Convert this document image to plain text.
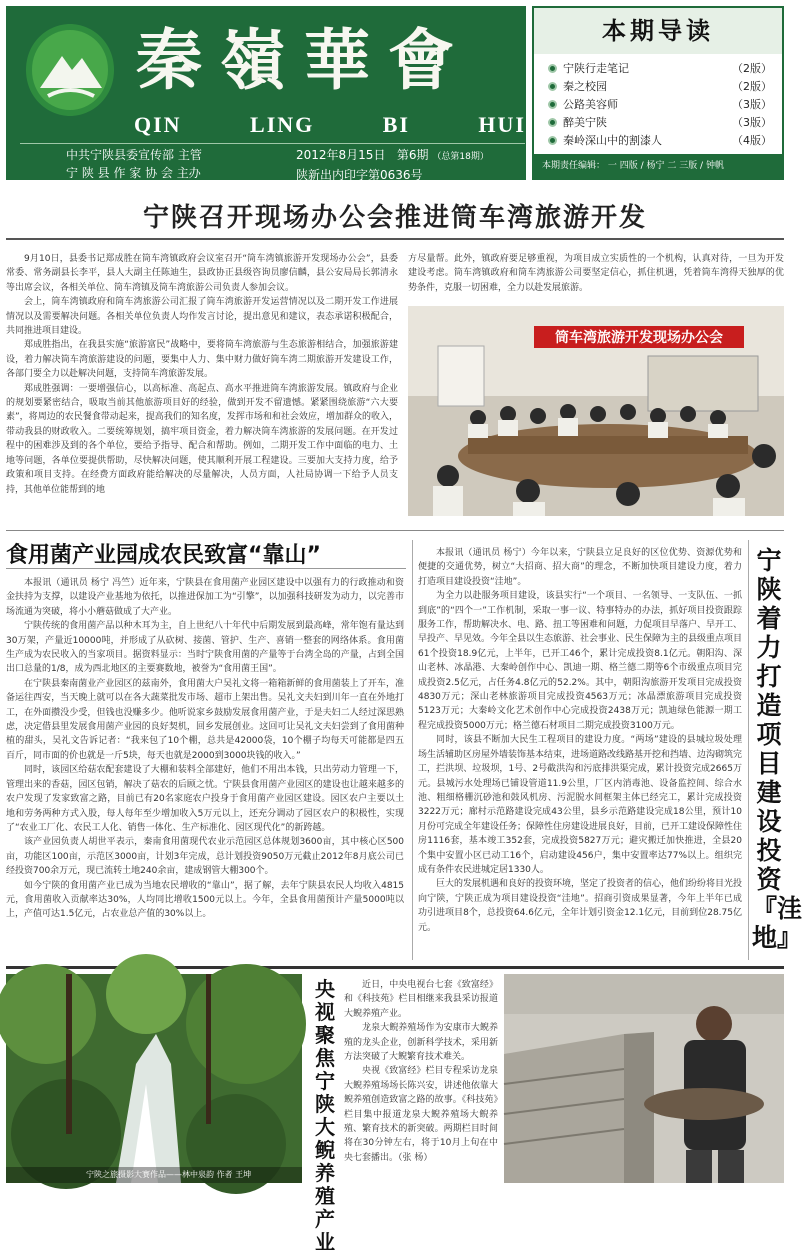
秦嶺華會
QIN	LING	BI	HUI
中共宁陕县委宣传部 主管
宁 陕 县 作 家 协 会 主办
2012年8月15日 第6期 （总第18期）
陕新出内印字第0636号
本期导读
宁陕行走笔记	（2版）
秦之校园	（2版）
公路美容师	（3版）
醉美宁陕	（3版）
秦岭深山中的割漆人	（4版）
本期责任编辑： 一 四版 / 杨宁 二 三版 / 钟帆
宁陕召开现场办公会推进筒车湾旅游开发

9月10日，县委书记郑成胜在筒车湾镇政府会议室召开“筒车湾镇旅游开发现场办公会”，县委常委、常务副县长李平，县人大副主任陈迪生，县政协正县级咨询员廖信麟，县公安局局长郭清永等出席会议，各相关单位、筒车湾镇及筒车湾旅游公司负责人参加会议。

会上，筒车湾镇政府和筒车湾旅游公司汇报了筒车湾旅游开发运营情况以及二期开发工作进展情况以及需要解决问题。各相关单位负责人均作发言讨论，提出意见和建议，表态承诺积极配合，共同推进项目建设。

郑成胜指出，在我县实施“旅游富民”战略中，要将筒车湾旅游与生态旅游相结合，加强旅游建设，着力解决筒车湾旅游建设的问题，要集中人力、集中财力做好筒车湾二期旅游开发建设工作，各部门要全力以赴解决问题，支持筒车湾旅游发展。

郑成胜强调：一要增强信心，以高标准、高起点、高水平推进筒车湾旅游发展。镇政府与企业的规划要紧密结合，吸取当前其他旅游项目好的经验，做到开发不留遗憾。紧紧围绕旅游“六大要素”，将周边的农民餐食带动起来，提高我们的知名度，发挥市场和和社会效应，增加群众的收入，带动我县的财政收入。二要统筹规划，搞牢项目资金，着力解决筒车湾旅游的发展问题。在开发过程中的困难涉及到的各个单位，要给予指导、配合和帮助。例如，二期开发工作中面临的电力、土地等问题，各单位要提供帮助，尽快解决问题，使其顺利开展工程建设。三要加大支持力度，给予政策和项目支持。在经费方面政府能给解决的尽量解决，人员方面，人社局协调一下给予人员支持，其他单位能帮到的地

方尽量帮。此外，镇政府要足够重视，为项目成立实质性的一个机构，认真对待，一旦为开发建设考虑。筒车湾镇政府和筒车湾旅游公司要坚定信心，抓住机遇，凭着筒车湾得天独厚的优势条件，克服一切困难，全力以赴发展旅游。

筒车湾旅游开发现场办公会
食用菌产业园成农民致富“靠山”

本报讯（通讯员 杨宁 冯竺）近年来，宁陕县在食用菌产业园区建设中以强有力的行政推动和资金扶持为支撑，以建设产业基地为依托，以推进保加工为“引擎”，以加强科技研发为动力，以完善市场流通为突破，将小小蘑菇做成了大产业。

宁陕传统的食用菌产品以种木耳为主，自上世纪八十年代中后期发展到最高峰，常年饱有量达到30万架，产量近10000吨，并形成了从砍树、接菌、管护、生产、喜销一整套的网络体系。食用菌生产成为农民收入的当家项目。据资料显示：当时宁陕食用菌的产量等于台湾全岛的产量，占到全国出口总量的1/8，成为西北地区的主要赛数地，被誉为“食用菌王国”。

在宁陕县秦南菌业产业园区的兹南外，食用菌大户吴礼文将一箱箱新鲜的食用菌装上了开车，准备运往西安，当天晚上就可以在各大蔬菜批发市场、超市上架出售。吴礼文夫妇到川年一直在外地打工，在外面攒没少受，但钱也没赚多少。他听说家乡鼓励发展食用菌产业，于是夫妇二人经过深思熟虑，决定借县里发展食用菌产业园的良好契机，回乡发展创业。这回可让吴礼文夫妇尝到了食用菌种植的甜头，吴礼文告诉记者：“我来包了10个棚，总共是42000袋，10个棚子均每天可能都是四五百斤，同市面的价也就是一斤5块，每天也就是2000到3000块钱的收入。”

同时，该园区给菇农配套建设了大棚和装料全部建好，他们不用出本钱，只出劳动力管理一下，管理出来的香菇，园区包销，解决了菇农的后顾之忧。宁陕县食用菌产业园区的建设也让越来越多的农户发现了发家致富之路，目前已有20名家庭农户投身于食用菌产业园区建设。园区农户主要以土地和劳务两种方式入股，每人每年至少增加收入5万元以上，还充分调动了园区农户的积极性，实现了“农业工厂化、农民工人化、销售一体化、生产标准化、园区现代化”的新跨越。

该产业园负责人胡世平表示，秦南食用菌现代农业示范园区总体规划3600亩，其中核心区500亩，功能区100亩，示范区3000亩，计划3年完成，总计划投资9050万元截止2012年8月底公司已经投资700余万元，现已流转土地240余亩，建成钢管大棚300个。

如今宁陕的食用菌产业已成为当地农民增收的“靠山”，据了解，去年宁陕县农民人均收入4815元，食用菌收入贡献率达30%，人均同比增收1500元以上。今年，全县食用菌预计产量5000吨以上，产值可达1.5亿元，占农业总产值的30%以上。

本报讯（通讯员 杨宁）今年以来，宁陕县立足良好的区位优势、资源优势和便捷的交通优势，树立“大招商、招大商”的理念，不断加快项目建设力度，着力打造项目建设投资“洼地”。

为全力以赴服务项目建设，该县实行“一个项目、一名领导、一支队伍、一抓到底”的“四个一”工作机制，采取一事一议、特事特办的办法，抓好项目投资跟踪服务工作，帮助解决水、电、路、扭工等困难和问题，力促项目早落户、早开工、早投产、早见效。今年全县以生态旅游、社会事业、民生保障为主的县级重点项目61个投资18.9亿元，上半年，已开工46个，累计完成投资8.1亿元。朝阳沟、深山老林、冰晶港、大秦岭创作中心、凯迪一期、格兰德二期等6个市级重点项目完成投资2.5亿元，占任务4.8亿元的52.2%。其中，朝阳沟旅游开发项目完成投资4830万元；深山老林旅游项目完成投资4563万元；冰晶漂旅游项目完成投资5123万元；大秦岭文化艺术创作中心完成投资2438万元；凯迪绿色能源一期工程完成投资5000万元；格兰德石材项目二期完成投资3100万元。

同时，该县不断加大民生工程项目的建设力度。“两场”建设的县城垃圾处理场生活辅助区房屋外墙装饰基本结束，进场道路改线路基开挖和挡墙、边沟砌筑完工，拦洪坝、垃圾坝，1号、2号截洪沟和污底排洪渠完成，累计投资完成2665万元。县城污水处理场已铺设管道11.9公里，厂区内消毒池、设备监控间、综合水池、粗细格栅沉砂池和鼓风机房、污泥脱水间框架主体已经完工，累计完成投资3222万元；廊村示范路建设完成43公里，县乡示范路建设完成18公里，预计10月份可完成全年建设任务；保障性住房建设进展良好，目前，已开工建设保障性住房1116套，基本竣工352套，完成投资5827万元；避灾搬迁加快推进，全县20个集中安置小区已动工16个，启动建设456户，集中安置率达77%以上。组织完成有条件农民进城定居1330人。

巨大的发展机遇和良好的投资环境，坚定了投资者的信心，他们纷纷将目光投向宁陕，宁陕正成为项目建设投资“洼地”。招商引资成果显著，今年上半年已成功引进项目8个，总投资64.6亿元，全年计划引资金12.1亿元，目前到位28.75亿元。

宁陕着力打造项目建设投资『洼地』
宁陕之旅摄影大赛作品——林中泉韵 作者 王坤
央视聚焦宁陕大鲵养殖产业

近日，中央电视台七套《致富经》和《科技苑》栏目相继来我县采访报道大鲵养殖产业。

龙泉大鲵养殖场作为安康市大鲵养殖的龙头企业，创新科学技术，采用新方法突破了大鲵繁育技术难关。

央视《致富经》栏目专程采访龙泉大鲵养殖场场长陈兴安，讲述他依靠大鲵养殖创造致富之路的故事。《科技苑》栏目集中报道龙泉大鲵养殖场大鲵养殖、繁育技术的新突破。两期栏目时间将在30分钟左右，将于10月上旬在中央七套播出。（张 杨）
